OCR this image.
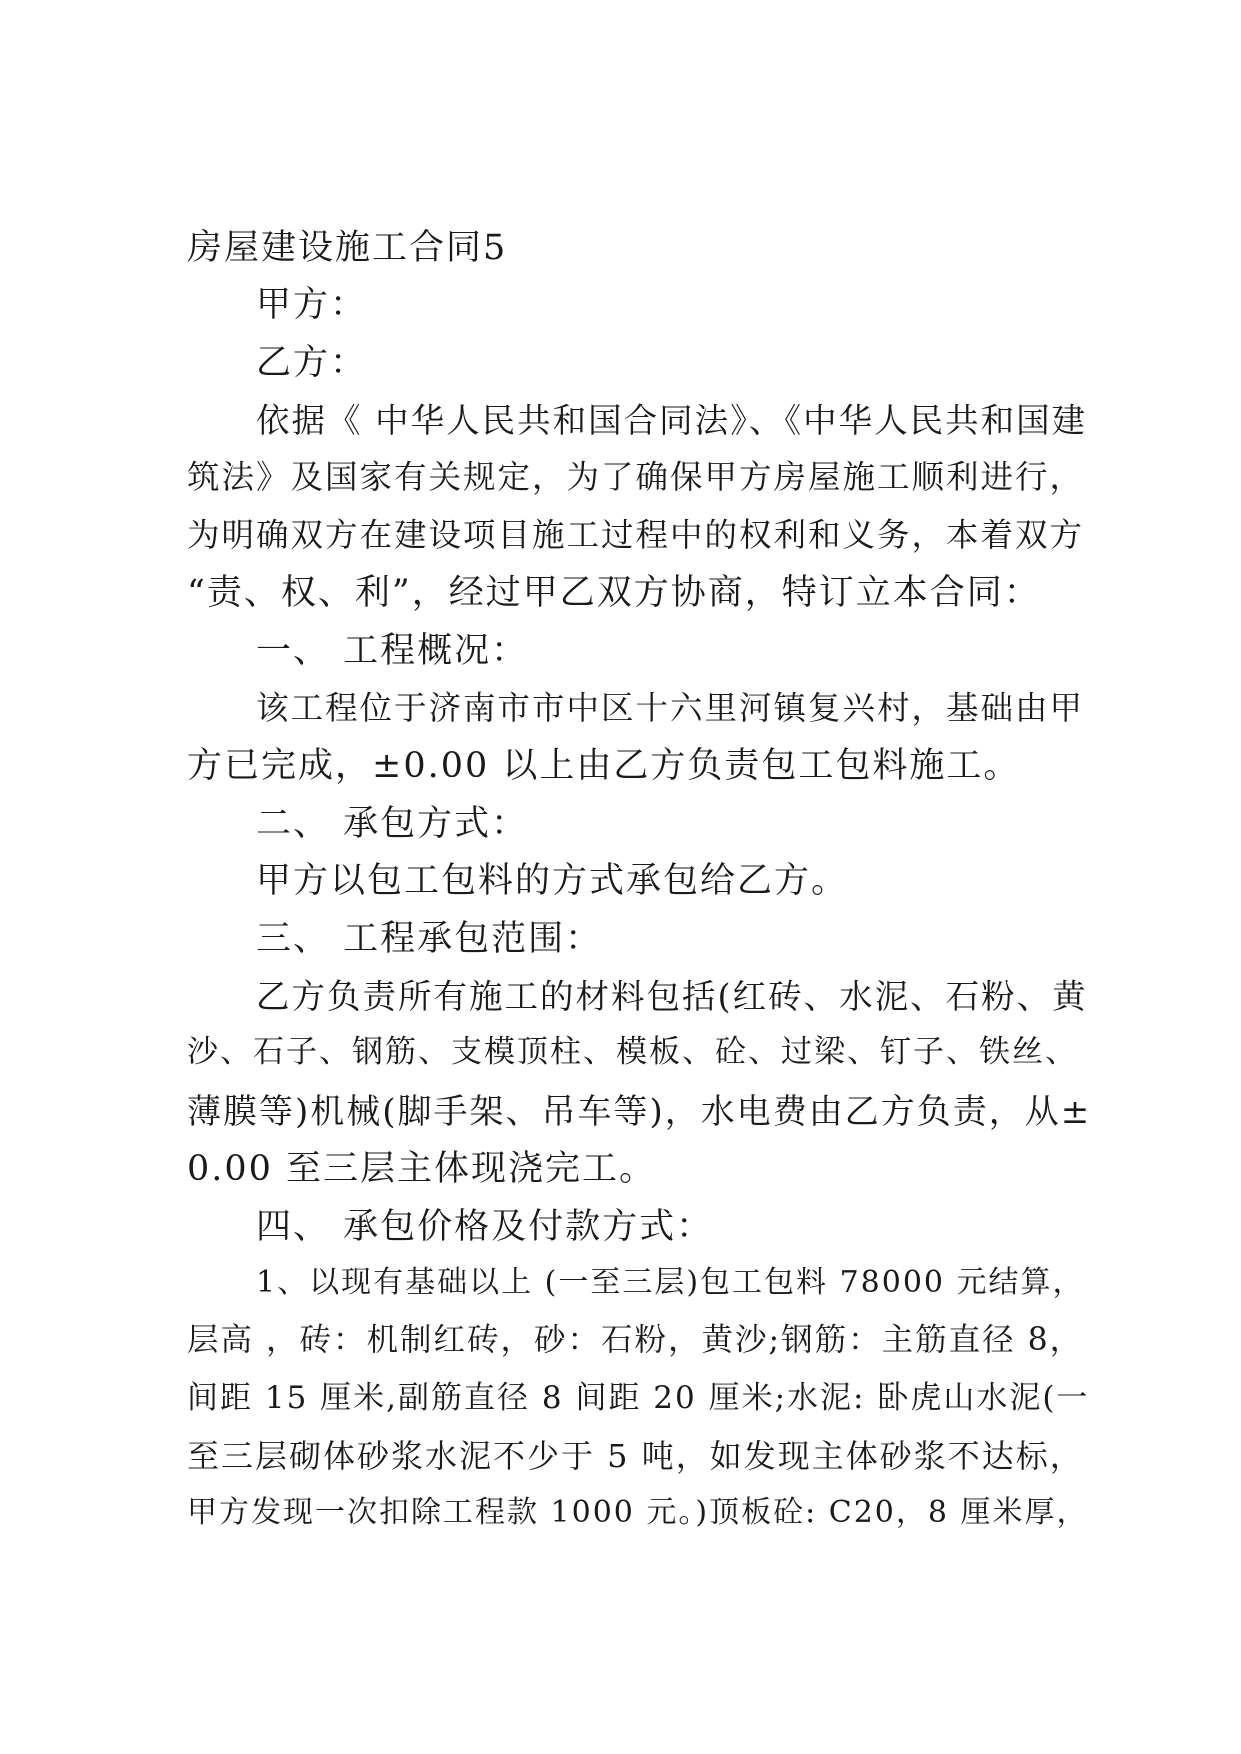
房屋建设施工合同5
甲方：
乙方：
依据《 中华人民共和国合同法》、《中华人民共和国建
筑法》及国家有关规定，为了确保甲方房屋施工顺利进行，
为明确双方在建设项目施工过程中的权利和义务，本着双方
“责、权、利”，经过甲乙双方协商，特订立本合同：
一、 工程概况：
该工程位于济南市市中区十六里河镇复兴村，基础由甲
方已完成，±0.00 以上由乙方负责包工包料施工。
二、 承包方式：
甲方以包工包料的方式承包给乙方。
三、 工程承包范围：
乙方负责所有施工的材料包括(红砖、水泥、石粉、黄
沙、石子、钢筋、支模顶柱、模板、砼、过梁、钉子、铁丝、
薄膜等)机械(脚手架、吊车等)，水电费由乙方负责，从±
0.00 至三层主体现浇完工。
四、 承包价格及付款方式：
1、以现有基础以上 (一至三层)包工包料 78000 元结算，
层高 ，砖：机制红砖，砂：石粉，黄沙;钢筋：主筋直径 8，
间距 15 厘米,副筋直径 8 间距 20 厘米;水泥: 卧虎山水泥(一
至三层砌体砂浆水泥不少于 5 吨，如发现主体砂浆不达标，
甲方发现一次扣除工程款 1000 元。)顶板砼: C20，8 厘米厚，
